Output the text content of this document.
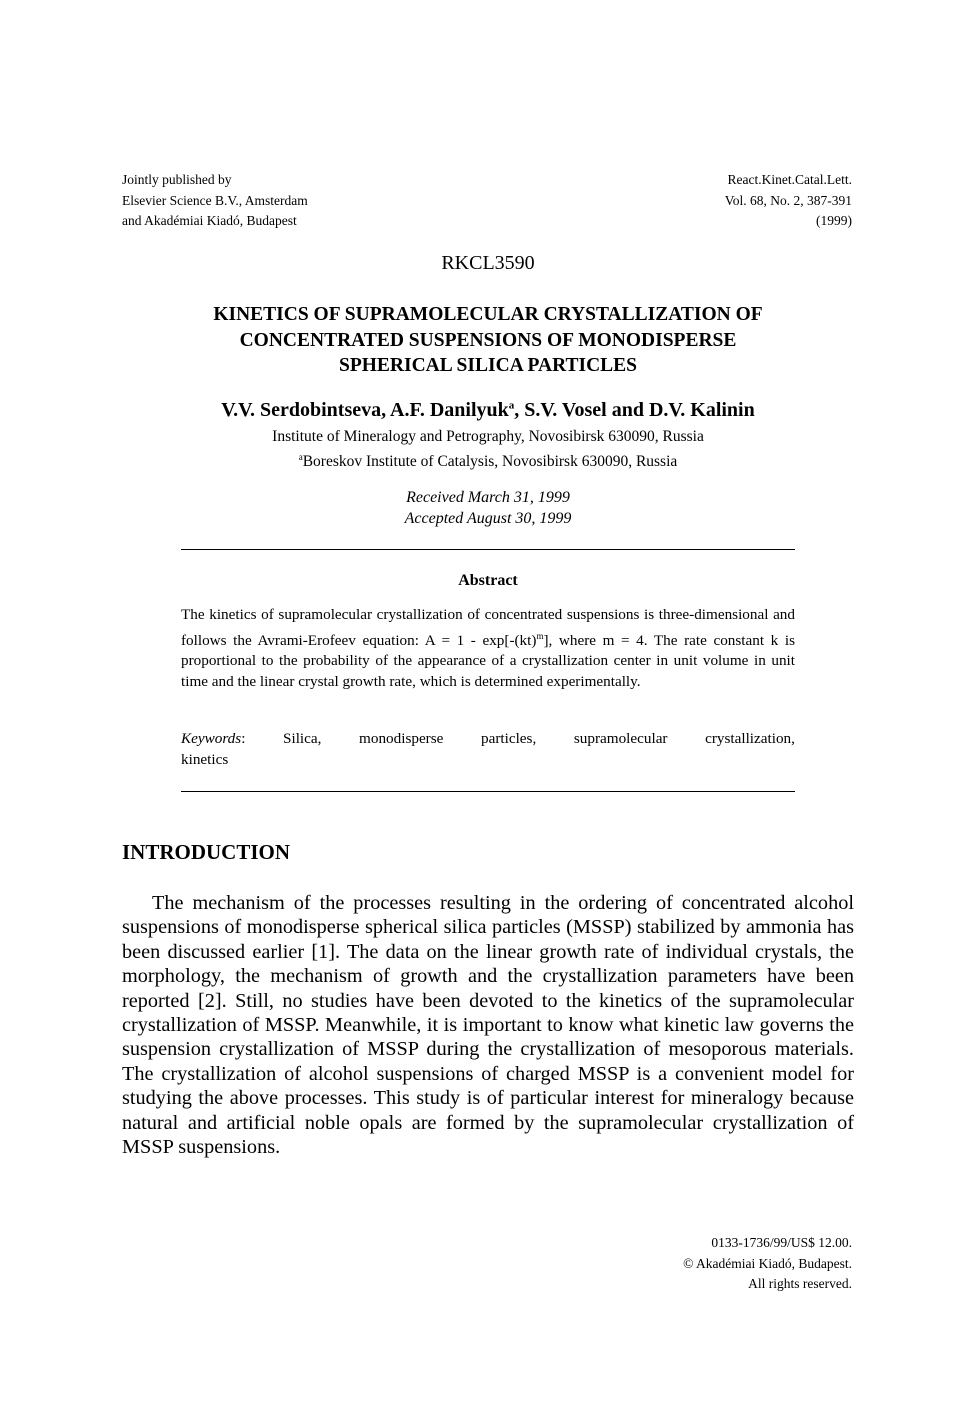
Jointly published by
Elsevier Science B.V., Amsterdam
and Akadémiai Kiadó, Budapest
React.Kinet.Catal.Lett.
Vol. 68, No. 2, 387-391
(1999)
RKCL3590
KINETICS OF SUPRAMOLECULAR CRYSTALLIZATION OF
CONCENTRATED SUSPENSIONS OF MONODISPERSE
SPHERICAL SILICA PARTICLES
V.V. Serdobintseva, A.F. Danilyuk$^a$, S.V. Vosel and D.V. Kalinin
Institute of Mineralogy and Petrography, Novosibirsk 630090, Russia
$^a$Boreskov Institute of Catalysis, Novosibirsk 630090, Russia
Received March 31, 1999
Accepted August 30, 1999
Abstract
The kinetics of supramolecular crystallization of concentrated suspensions is three-dimensional and follows the Avrami-Erofeev equation: A = 1 - exp[-(kt)$^m$], where m = 4. The rate constant k is proportional to the probability of the appearance of a crystallization center in unit volume in unit time and the linear crystal growth rate, which is determined experimentally.
Keywords: Silica, monodisperse particles, supramolecular crystallization,
kinetics
INTRODUCTION
The mechanism of the processes resulting in the ordering of concentrated alcohol suspensions of monodisperse spherical silica particles (MSSP) stabilized by ammonia has been discussed earlier [1]. The data on the linear growth rate of individual crystals, the morphology, the mechanism of growth and the crystallization parameters have been reported [2]. Still, no studies have been devoted to the kinetics of the supramolecular crystallization of MSSP. Meanwhile, it is important to know what kinetic law governs the suspension crystallization of MSSP during the crystallization of mesoporous materials. The crystallization of alcohol suspensions of charged MSSP is a convenient model for studying the above processes. This study is of particular interest for mineralogy because natural and artificial noble opals are formed by the supramolecular crystallization of MSSP suspensions.
0133-1736/99/US$ 12.00.
© Akadémiai Kiadó, Budapest.
All rights reserved.
